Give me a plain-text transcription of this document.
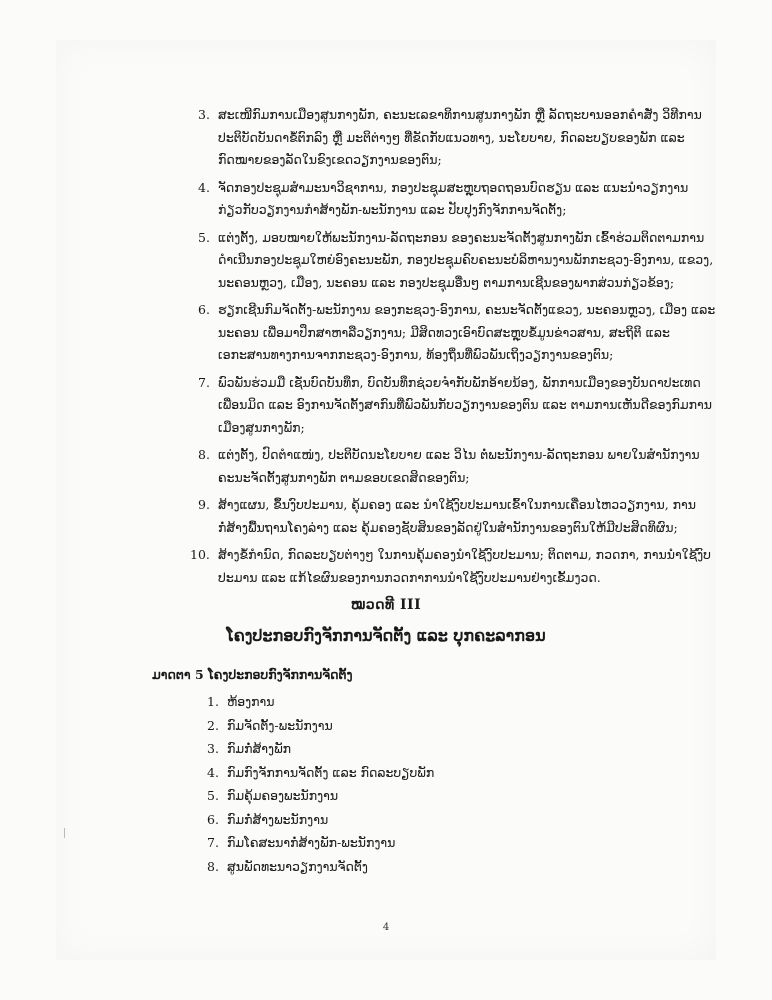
3. ສະເໜີກົມການເມືອງສູນກາງພັກ, ຄະນະເລຂາທິການສູນກາງພັກ ຫຼື ລັດຖະບານອອກຄຳສັ່ງ ວິທີການປະຕິບັດບັນດາຂໍ້ຕົກລົງ ຫຼື ມະຕິຕ່າງໆ ທີ່ຂັດກັບແນວທາງ, ນະໂຍບາຍ, ກົດລະບຽບຂອງພັກ ແລະ ກົດໝາຍຂອງລັດໃນຂົງເຂດວຽກງານຂອງຕົນ;
4. ຈັດກອງປະຊຸມສຳມະນາວິຊາການ, ກອງປະຊຸມສະຫຼຸບຖອດຖອນບົດຮຽນ ແລະ ແນະນຳວຽກງານກ່ຽວກັບວຽກງານກຳສ້າງພັກ-ພະນັກງານ ແລະ ປັບປຸງກົງຈັກການຈັດຕັ້ງ;
5. ແຕ່ງຕັ້ງ, ມອບໝາຍໃຫ້ພະນັກງານ-ລັດຖະກອນ ຂອງຄະນະຈັດຕັ້ງສູນກາງພັກ ເຂົ້າຮ່ວມຕິດຕາມການດຳເນີນກອງປະຊຸມໃຫຍ່ອົງຄະນະພັກ, ກອງປະຊຸມຄົບຄະນະບໍລິຫານງານພັກກະຊວງ-ອົງການ, ແຂວງ, ນະຄອນຫຼວງ, ເມືອງ, ນະຄອນ ແລະ ກອງປະຊຸມອື່ນໆ ຕາມການເຊີນຂອງພາກສ່ວນກ່ຽວຂ້ອງ;
6. ຮຽກເຊີນກົມຈັດຕັ້ງ-ພະນັກງານ ຂອງກະຊວງ-ອົງການ, ຄະນະຈັດຕັ້ງແຂວງ, ນະຄອນຫຼວງ, ເມືອງ ແລະ ນະຄອນ ເພື່ອມາປຶກສາຫາລືວຽກງານ; ມີສິດທວງເອົາບົດສະຫຼຸບຂໍ້ມູນຂ່າວສານ, ສະຖິຕິ ແລະ ເອກະສານທາງການຈາກກະຊວງ-ອົງການ, ທ້ອງຖິ່ນທີ່ພົວພັນເຖິງວຽກງານຂອງຕົນ;
7. ພົວພັນຮ່ວມມື ເຊັ່ນບົດບັນທຶກ, ບົດບັນທຶກຊ່ວຍຈຳກັບພັກອ້າຍນ້ອງ, ພັກການເມືອງຂອງບັນດາປະເທດເພື່ອນມິດ ແລະ ອົງການຈັດຕັ້ງສາກົນທີ່ພົວພັນກັບວຽກງານຂອງຕົນ ແລະ ຕາມການເຫັນດີຂອງກົມການເມືອງສູນກາງພັກ;
8. ແຕ່ງຕັ້ງ, ປົດຕຳແໜ່ງ, ປະຕິບັດນະໂຍບາຍ ແລະ ວິໄນ ຕໍ່ພະນັກງານ-ລັດຖະກອນ ພາຍໃນສຳນັກງານຄະນະຈັດຕັ້ງສູນກາງພັກ ຕາມຂອບເຂດສິດຂອງຕົນ;
9. ສ້າງແຜນ, ຂຶ້ນງົບປະມານ, ຄຸ້ມຄອງ ແລະ ນຳໃຊ້ງົບປະມານເຂົ້າໃນການເຄື່ອນໄຫວວຽກງານ, ການກໍ່ສ້າງພື້ນຖານໂຄງລ່າງ ແລະ ຄຸ້ມຄອງຊັບສິນຂອງລັດຢູ່ໃນສຳນັກງານຂອງຕົນໃຫ້ມີປະສິດທິຜົນ;
10. ສ້າງຂໍ້ກຳນົດ, ກົດລະບຽບຕ່າງໆ ໃນການຄຸ້ມຄອງນຳໃຊ້ງົບປະມານ; ຕິດຕາມ, ກວດກາ, ການນຳໃຊ້ງົບປະມານ ແລະ ແກ້ໄຂຜົນຂອງການກວດກາການນຳໃຊ້ງົບປະມານຢ່າງເຂັ້ມງວດ.
ໝວດທີ III
ໂຄງປະກອບກົງຈັກການຈັດຕັ້ງ ແລະ ບຸກຄະລາກອນ
ມາດຕາ 5 ໂຄງປະກອບກົງຈັກການຈັດຕັ້ງ
1. ຫ້ອງການ
2. ກົມຈັດຕັ້ງ-ພະນັກງານ
3. ກົມກໍ່ສ້າງພັກ
4. ກົມກົງຈັກການຈັດຕັ້ງ ແລະ ກົດລະບຽບພັກ
5. ກົມຄຸ້ມຄອງພະນັກງານ
6. ກົມກໍ່ສ້າງພະນັກງານ
7. ກົມໂຄສະນາກໍ່ສ້າງພັກ-ພະນັກງານ
8. ສູນພັດທະນາວຽກງານຈັດຕັ້ງ
4
